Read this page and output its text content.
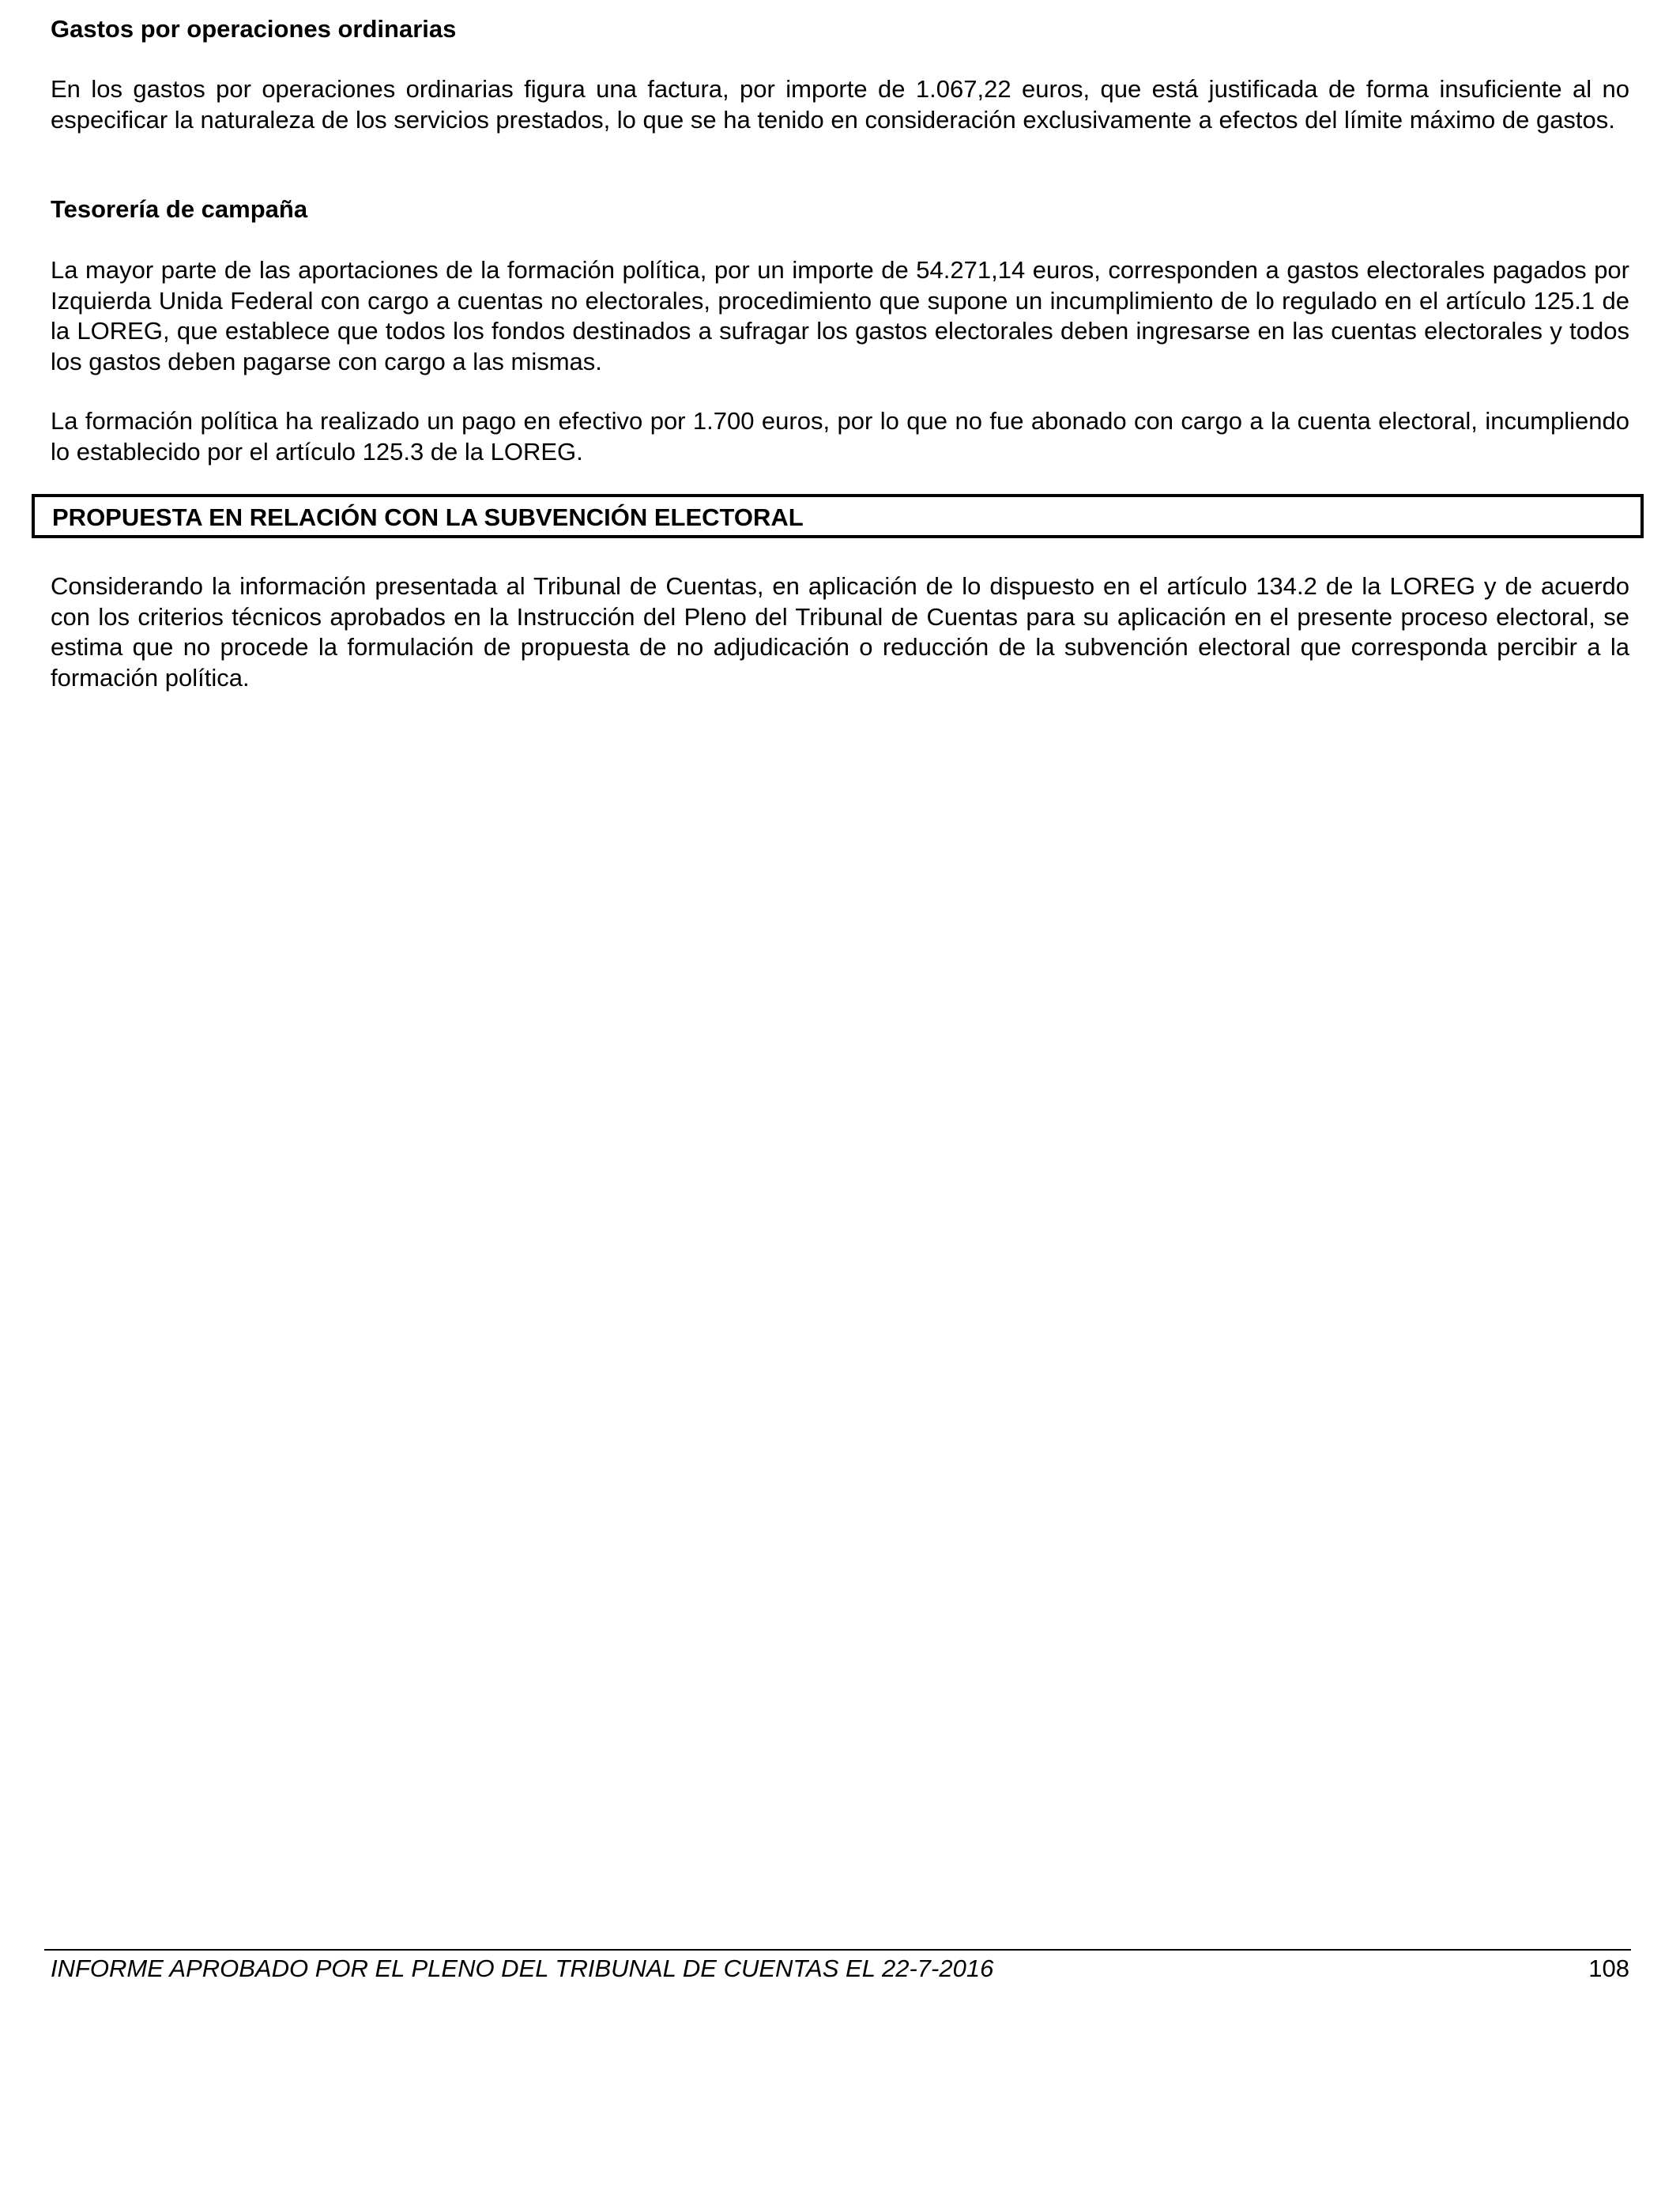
Gastos por operaciones ordinarias

En los gastos por operaciones ordinarias figura una factura, por importe de 1.067,22 euros, que está justificada de forma insuficiente al no especificar la naturaleza de los servicios prestados, lo que se ha tenido en consideración exclusivamente a efectos del límite máximo de gastos.

Tesorería de campaña

La mayor parte de las aportaciones de la formación política, por un importe de 54.271,14 euros, corresponden a gastos electorales pagados por Izquierda Unida Federal con cargo a cuentas no electorales, procedimiento que supone un incumplimiento de lo regulado en el artículo 125.1 de la LOREG, que establece que todos los fondos destinados a sufragar los gastos electorales deben ingresarse en las cuentas electorales y todos los gastos deben pagarse con cargo a las mismas.

La formación política ha realizado un pago en efectivo por 1.700 euros, por lo que no fue abonado con cargo a la cuenta electoral, incumpliendo lo establecido por el artículo 125.3 de la LOREG.

PROPUESTA EN RELACIÓN CON LA SUBVENCIÓN ELECTORAL

Considerando la información presentada al Tribunal de Cuentas, en aplicación de lo dispuesto en el artículo 134.2 de la LOREG y de acuerdo con los criterios técnicos aprobados en la Instrucción del Pleno del Tribunal de Cuentas para su aplicación en el presente proceso electoral, se estima que no procede la formulación de propuesta de no adjudicación o reducción de la subvención electoral que corresponda percibir a la formación política.

INFORME APROBADO POR EL PLENO DEL TRIBUNAL DE CUENTAS EL 22-7-2016	108
